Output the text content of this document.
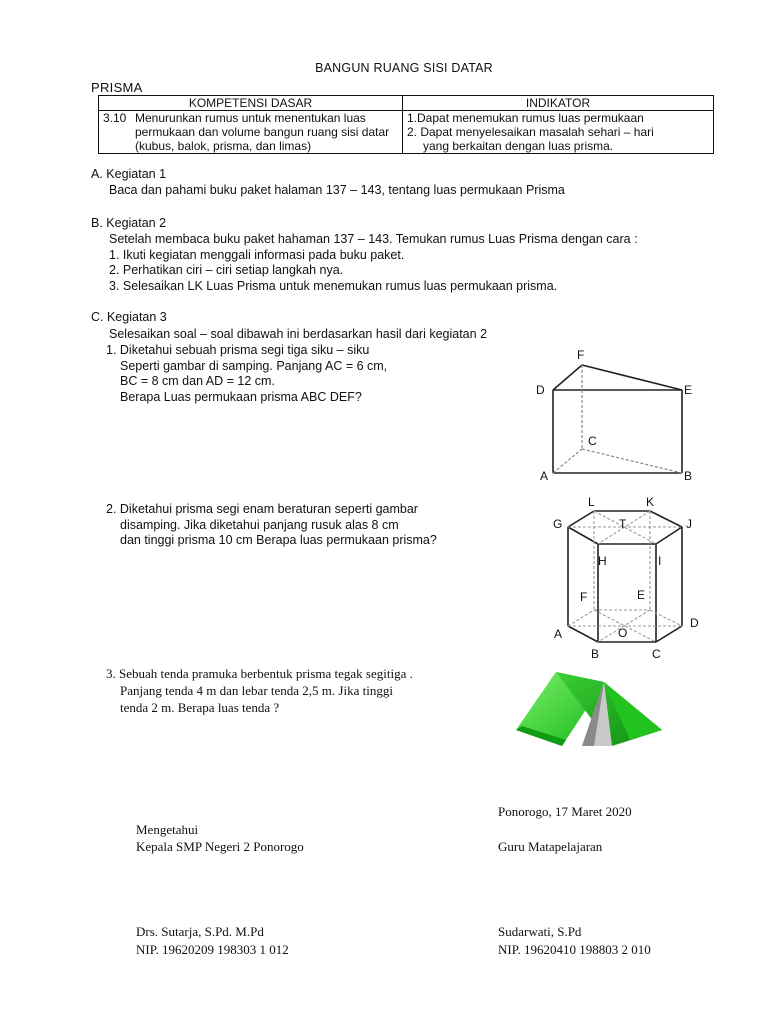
BANGUN RUANG SISI DATAR
PRISMA
KOMPETENSI DASAR	INDIKATOR
3.10 Menurunkan rumus untuk menentukan luas permukaan dan volume bangun ruang sisi datar (kubus, balok, prisma, dan limas)	1.Dapat menemukan rumus luas permukaan
2. Dapat menyelesaikan masalah sehari – hari
yang berkaitan dengan luas prisma.
A. Kegiatan 1
Baca dan pahami buku paket halaman 137 – 143, tentang luas permukaan Prisma
B. Kegiatan 2
Setelah membaca buku paket hahaman 137 – 143. Temukan rumus Luas Prisma dengan cara :
1. Ikuti kegiatan menggali informasi pada buku paket.
2. Perhatikan ciri – ciri setiap langkah nya.
3. Selesaikan LK Luas Prisma untuk menemukan rumus luas permukaan prisma.
C. Kegiatan 3
Selesaikan soal – soal dibawah ini berdasarkan hasil dari kegiatan 2
1. Diketahui sebuah prisma segi tiga siku – siku
Seperti gambar di samping. Panjang AC = 6 cm,
BC = 8 cm dan AD = 12 cm.
Berapa Luas permukaan prisma ABC DEF?
F
D	E
C
A	B
2. Diketahui prisma segi enam beraturan seperti gambar
disamping. Jika diketahui panjang rusuk alas 8 cm
dan tinggi prisma 10 cm Berapa luas permukaan prisma?
L	K
G	T	J
H	I
F	E
A	O
D
B	C
3. Sebuah tenda pramuka berbentuk prisma tegak segitiga .
Panjang tenda 4 m dan lebar tenda 2,5 m. Jika tinggi
tenda 2 m. Berapa luas tenda ?
Ponorogo, 17 Maret 2020
Mengetahui
Kepala SMP Negeri 2 Ponorogo	Guru Matapelajaran
Drs. Sutarja, S.Pd. M.Pd
NIP. 19620209 198303 1 012
Sudarwati, S.Pd
NIP. 19620410 198803 2 010
